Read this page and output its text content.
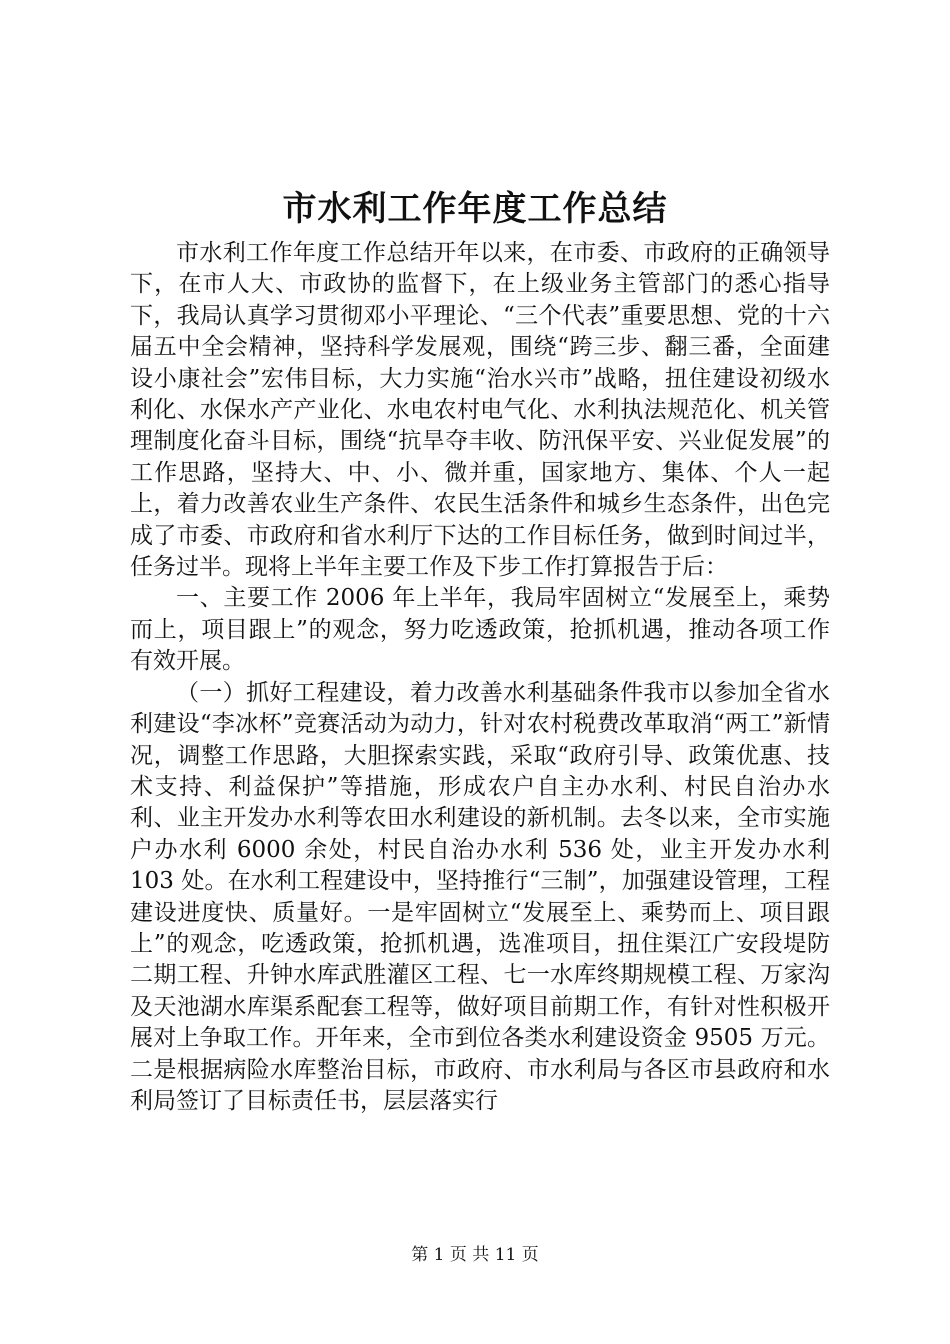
市水利工作年度工作总结

市水利工作年度工作总结开年以来，在市委、市政府的正确领导下，在市人大、市政协的监督下，在上级业务主管部门的悉心指导下，我局认真学习贯彻邓小平理论、“三个代表”重要思想、党的十六届五中全会精神，坚持科学发展观，围绕“跨三步、翻三番，全面建设小康社会”宏伟目标，大力实施“治水兴市”战略，扭住建设初级水利化、水保水产产业化、水电农村电气化、水利执法规范化、机关管理制度化奋斗目标，围绕“抗旱夺丰收、防汛保平安、兴业促发展”的工作思路，坚持大、中、小、微并重，国家地方、集体、个人一起上，着力改善农业生产条件、农民生活条件和城乡生态条件，出色完成了市委、市政府和省水利厅下达的工作目标任务，做到时间过半，任务过半。现将上半年主要工作及下步工作打算报告于后：

一、主要工作 2006 年上半年，我局牢固树立“发展至上，乘势而上，项目跟上”的观念，努力吃透政策，抢抓机遇，推动各项工作有效开展。

（一）抓好工程建设，着力改善水利基础条件我市以参加全省水利建设“李冰杯”竞赛活动为动力，针对农村税费改革取消“两工”新情况，调整工作思路，大胆探索实践，采取“政府引导、政策优惠、技术支持、利益保护”等措施，形成农户自主办水利、村民自治办水利、业主开发办水利等农田水利建设的新机制。去冬以来，全市实施户办水利 6000 余处，村民自治办水利 536 处，业主开发办水利 103 处。在水利工程建设中，坚持推行“三制”，加强建设管理，工程建设进度快、质量好。一是牢固树立“发展至上、乘势而上、项目跟上”的观念，吃透政策，抢抓机遇，选准项目，扭住渠江广安段堤防二期工程、升钟水库武胜灌区工程、七一水库终期规模工程、万家沟及天池湖水库渠系配套工程等，做好项目前期工作，有针对性积极开展对上争取工作。开年来，全市到位各类水利建设资金 9505 万元。二是根据病险水库整治目标，市政府、市水利局与各区市县政府和水利局签订了目标责任书，层层落实行

第 1 页 共 11 页
